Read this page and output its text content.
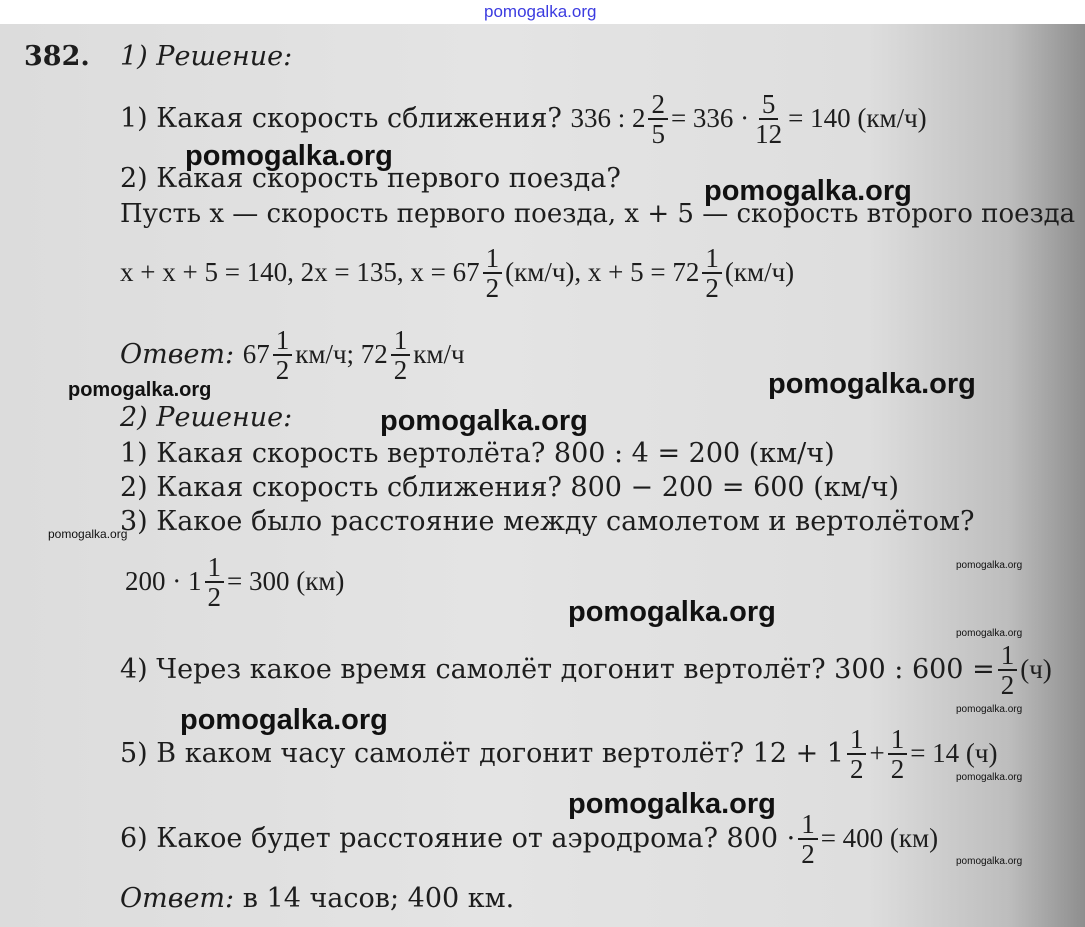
pomogalka.org
382. 1) Решение:
1) Какая скорость сближения? 336 : $2 \frac{2}{5} = 336 \cdot \frac{5}{12} = 140$ (км/ч)
2) Какая скорость первого поезда?
Пусть x — скорость первого поезда, x + 5 — скорость второго поезда
x + x + 5 = 140, 2x = 135, $x = 67 \frac{1}{2} (км/ч)$, $x + 5 = 72 \frac{1}{2} (км/ч)$
Ответ: $67 \frac{1}{2} км/ч$; $72 \frac{1}{2} км/ч$
2) Решение:
1) Какая скорость вертолёта? 800 : 4 = 200 (км/ч)
2) Какая скорость сближения? 800 − 200 = 600 (км/ч)
3) Какое было расстояние между самолетом и вертолётом?
$200 \cdot 1 \frac{1}{2} = 300$ (км)
4) Через какое время самолёт догонит вертолёт? 300 : $600 = \frac{1}{2} (ч)$
5) В каком часу самолёт догонит вертолёт? $12 + 1 \frac{1}{2} + \frac{1}{2} = 14$ (ч)
6) Какое будет расстояние от аэродрома? $800 \cdot \frac{1}{2} = 400$ (км)
Ответ: в 14 часов; 400 км.
pomogalka.org
pomogalka.org
pomogalka.org	pomogalka.org
pomogalka.org
pomogalka.org
pomogalka.org
pomogalka.org
pomogalka.org
pomogalka.org
pomogalka.org
pomogalka.org
pomogalka.org
pomogalka.org
